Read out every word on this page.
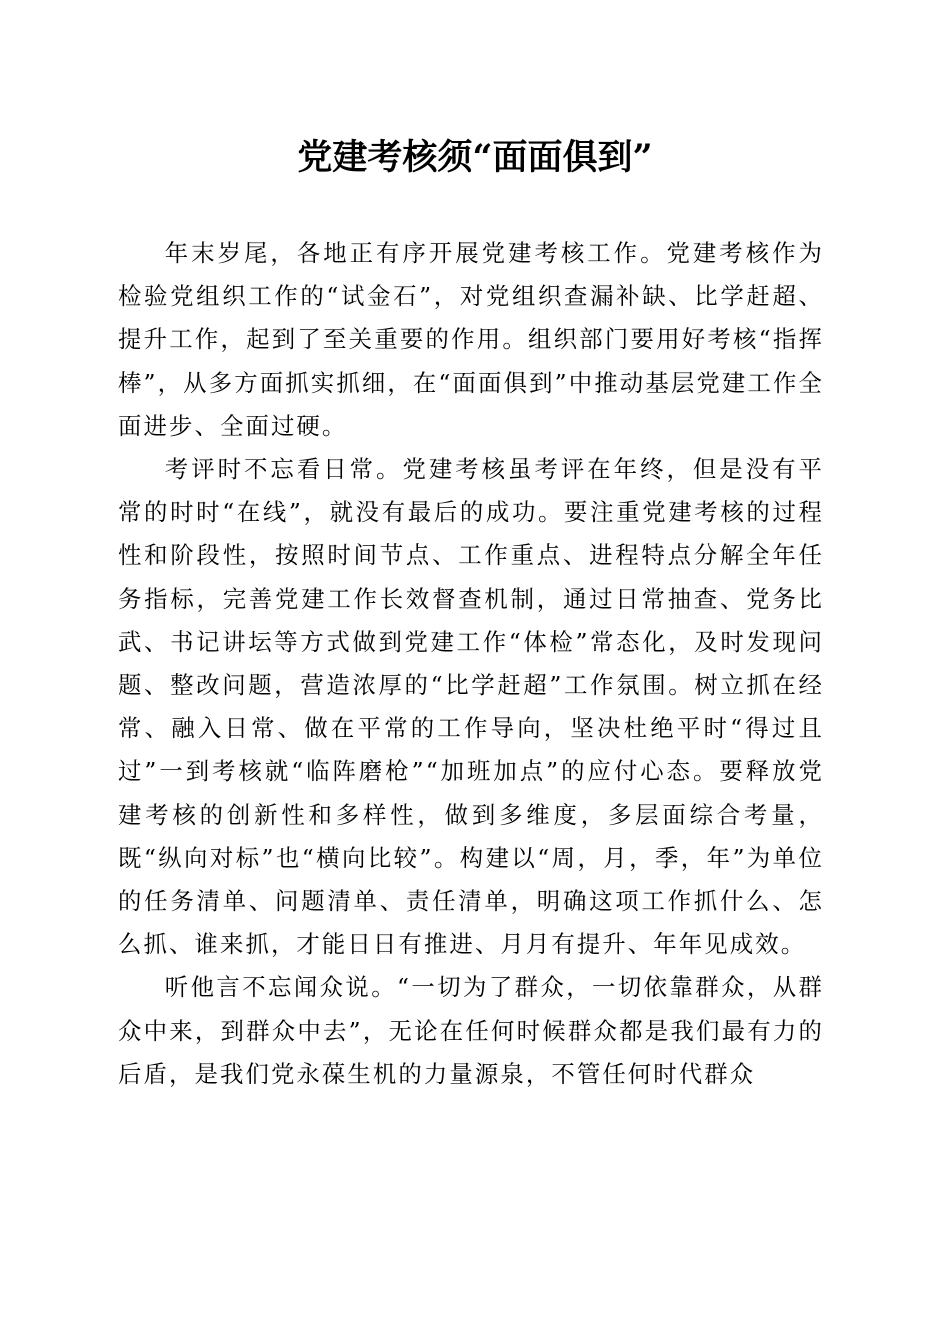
党建考核须“面面俱到”

年末岁尾，各地正有序开展党建考核工作。党建考核作为检验党组织工作的“试金石”，对党组织查漏补缺、比学赶超、提升工作，起到了至关重要的作用。组织部门要用好考核“指挥棒”，从多方面抓实抓细，在“面面俱到”中推动基层党建工作全面进步、全面过硬。

考评时不忘看日常。党建考核虽考评在年终，但是没有平常的时时“在线”，就没有最后的成功。要注重党建考核的过程性和阶段性，按照时间节点、工作重点、进程特点分解全年任务指标，完善党建工作长效督查机制，通过日常抽查、党务比武、书记讲坛等方式做到党建工作“体检”常态化，及时发现问题、整改问题，营造浓厚的“比学赶超”工作氛围。树立抓在经常、融入日常、做在平常的工作导向，坚决杜绝平时“得过且过”一到考核就“临阵磨枪”“加班加点”的应付心态。要释放党建考核的创新性和多样性，做到多维度，多层面综合考量，既“纵向对标”也“横向比较”。构建以“周，月，季，年”为单位的任务清单、问题清单、责任清单，明确这项工作抓什么、怎么抓、谁来抓，才能日日有推进、月月有提升、年年见成效。

听他言不忘闻众说。“一切为了群众，一切依靠群众，从群众中来，到群众中去”，无论在任何时候群众都是我们最有力的后盾，是我们党永葆生机的力量源泉，不管任何时代群众
